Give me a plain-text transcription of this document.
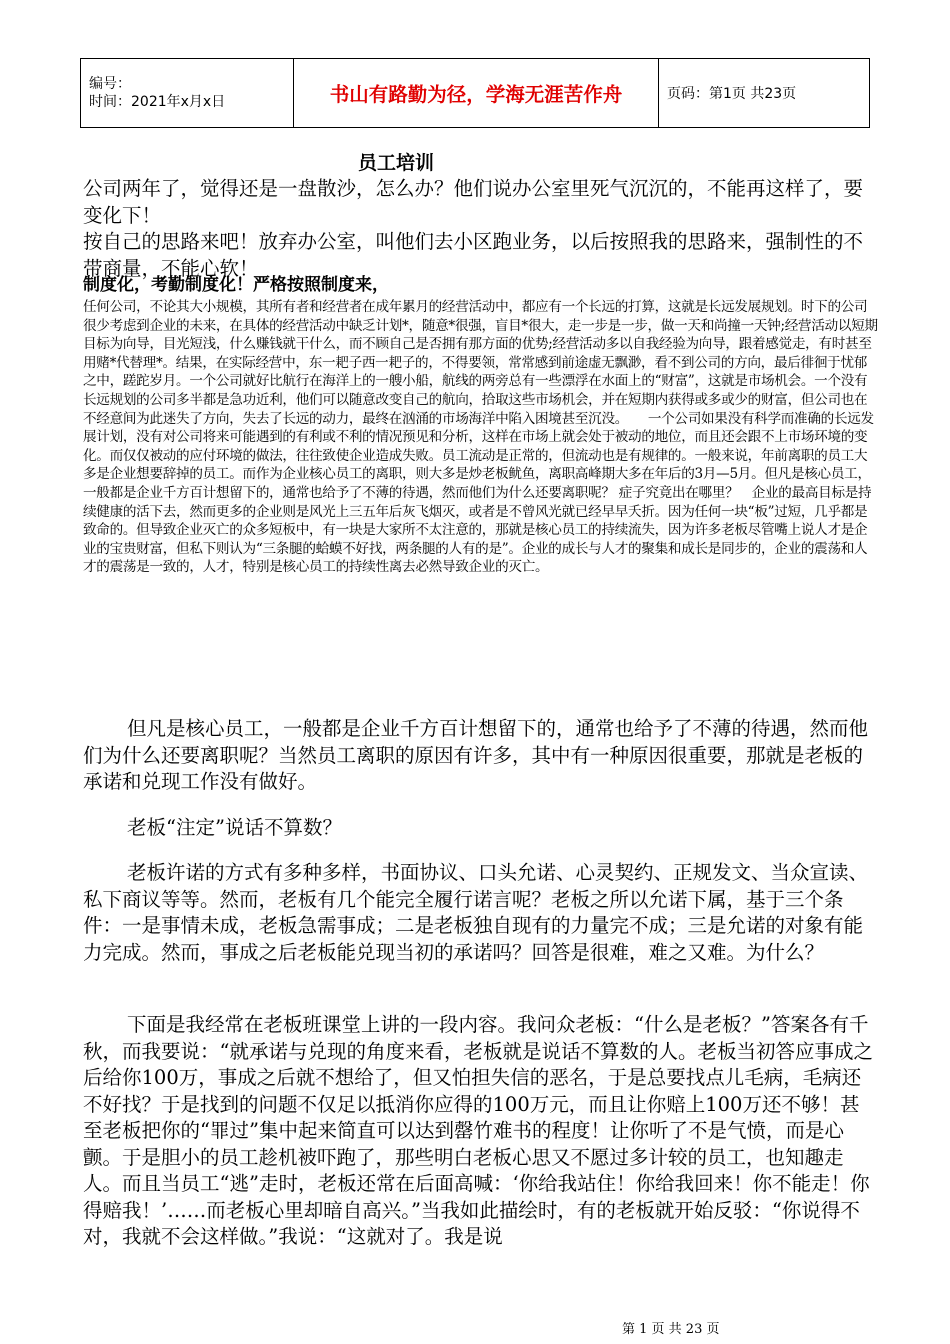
编号：
时间：2021年x月x日	书山有路勤为径，学海无涯苦作舟	页码：第1页 共23页
员工培训

公司两年了，觉得还是一盘散沙，怎么办？他们说办公室里死气沉沉的，不能再这样了，要变化下！

按自己的思路来吧！放弃办公室，叫他们去小区跑业务，以后按照我的思路来，强制性的不带商量，不能心软！

制度化，考勤制度化！严格按照制度来，

任何公司，不论其大小规模，其所有者和经营者在成年累月的经营活动中，都应有一个长远的打算，这就是长远发展规划。时下的公司很少考虑到企业的未来，在具体的经营活动中缺乏计划*，随意*很强，盲目*很大，走一步是一步，做一天和尚撞一天钟;经营活动以短期目标为向导，目光短浅，什么赚钱就干什么，而不顾自己是否拥有那方面的优势;经营活动多以自我经验为向导，跟着感觉走，有时甚至用赌*代替理*。结果，在实际经营中，东一耙子西一耙子的，不得要领，常常感到前途虚无飘渺，看不到公司的方向，最后徘徊于忧郁之中，蹉跎岁月。一个公司就好比航行在海洋上的一艘小船，航线的两旁总有一些漂浮在水面上的“财富”，这就是市场机会。一个没有长远规划的公司多半都是急功近利，他们可以随意改变自己的航向，拾取这些市场机会，并在短期内获得或多或少的财富，但公司也在不经意间为此迷失了方向，失去了长远的动力，最终在汹涌的市场海洋中陷入困境甚至沉没。　　一个公司如果没有科学而准确的长远发展计划，没有对公司将来可能遇到的有利或不利的情况预见和分析，这样在市场上就会处于被动的地位，而且还会跟不上市场环境的变化。而仅仅被动的应付环境的做法，往往致使企业造成失败。员工流动是正常的，但流动也是有规律的。一般来说，年前离职的员工大多是企业想要辞掉的员工。而作为企业核心员工的离职，则大多是炒老板鱿鱼，离职高峰期大多在年后的3月—5月。但凡是核心员工，一般都是企业千方百计想留下的，通常也给予了不薄的待遇，然而他们为什么还要离职呢？ 症子究竟出在哪里？　企业的最高目标是持续健康的活下去，然而更多的企业则是风光上三五年后灰飞烟灭，或者是不曾风光就已经早早夭折。因为任何一块“板”过短，几乎都是致命的。但导致企业灭亡的众多短板中，有一块是大家所不太注意的，那就是核心员工的持续流失，因为许多老板尽管嘴上说人才是企业的宝贵财富，但私下则认为“三条腿的蛤蟆不好找，两条腿的人有的是”。企业的成长与人才的聚集和成长是同步的，企业的震荡和人才的震荡是一致的，人才，特别是核心员工的持续性离去必然导致企业的灭亡。

但凡是核心员工，一般都是企业千方百计想留下的，通常也给予了不薄的待遇，然而他们为什么还要离职呢？当然员工离职的原因有许多，其中有一种原因很重要，那就是老板的承诺和兑现工作没有做好。

老板“注定”说话不算数？

老板许诺的方式有多种多样，书面协议、口头允诺、心灵契约、正规发文、当众宣读、私下商议等等。然而，老板有几个能完全履行诺言呢？老板之所以允诺下属，基于三个条件：一是事情未成，老板急需事成；二是老板独自现有的力量完不成；三是允诺的对象有能力完成。然而，事成之后老板能兑现当初的承诺吗？回答是很难，难之又难。为什么？

下面是我经常在老板班课堂上讲的一段内容。我问众老板：“什么是老板？”答案各有千秋，而我要说：“就承诺与兑现的角度来看，老板就是说话不算数的人。老板当初答应事成之后给你100万，事成之后就不想给了，但又怕担失信的恶名，于是总要找点儿毛病，毛病还不好找？于是找到的问题不仅足以抵消你应得的100万元，而且让你赔上100万还不够！甚至老板把你的“罪过”集中起来简直可以达到罄竹难书的程度！让你听了不是气愤，而是心颤。于是胆小的员工趁机被吓跑了，那些明白老板心思又不愿过多计较的员工，也知趣走人。而且当员工“逃”走时，老板还常在后面高喊：‘你给我站住！你给我回来！你不能走！你得赔我！’……而老板心里却暗自高兴。”当我如此描绘时，有的老板就开始反驳：“你说得不对，我就不会这样做。”我说：“这就对了。我是说

第 1 页 共 23 页
